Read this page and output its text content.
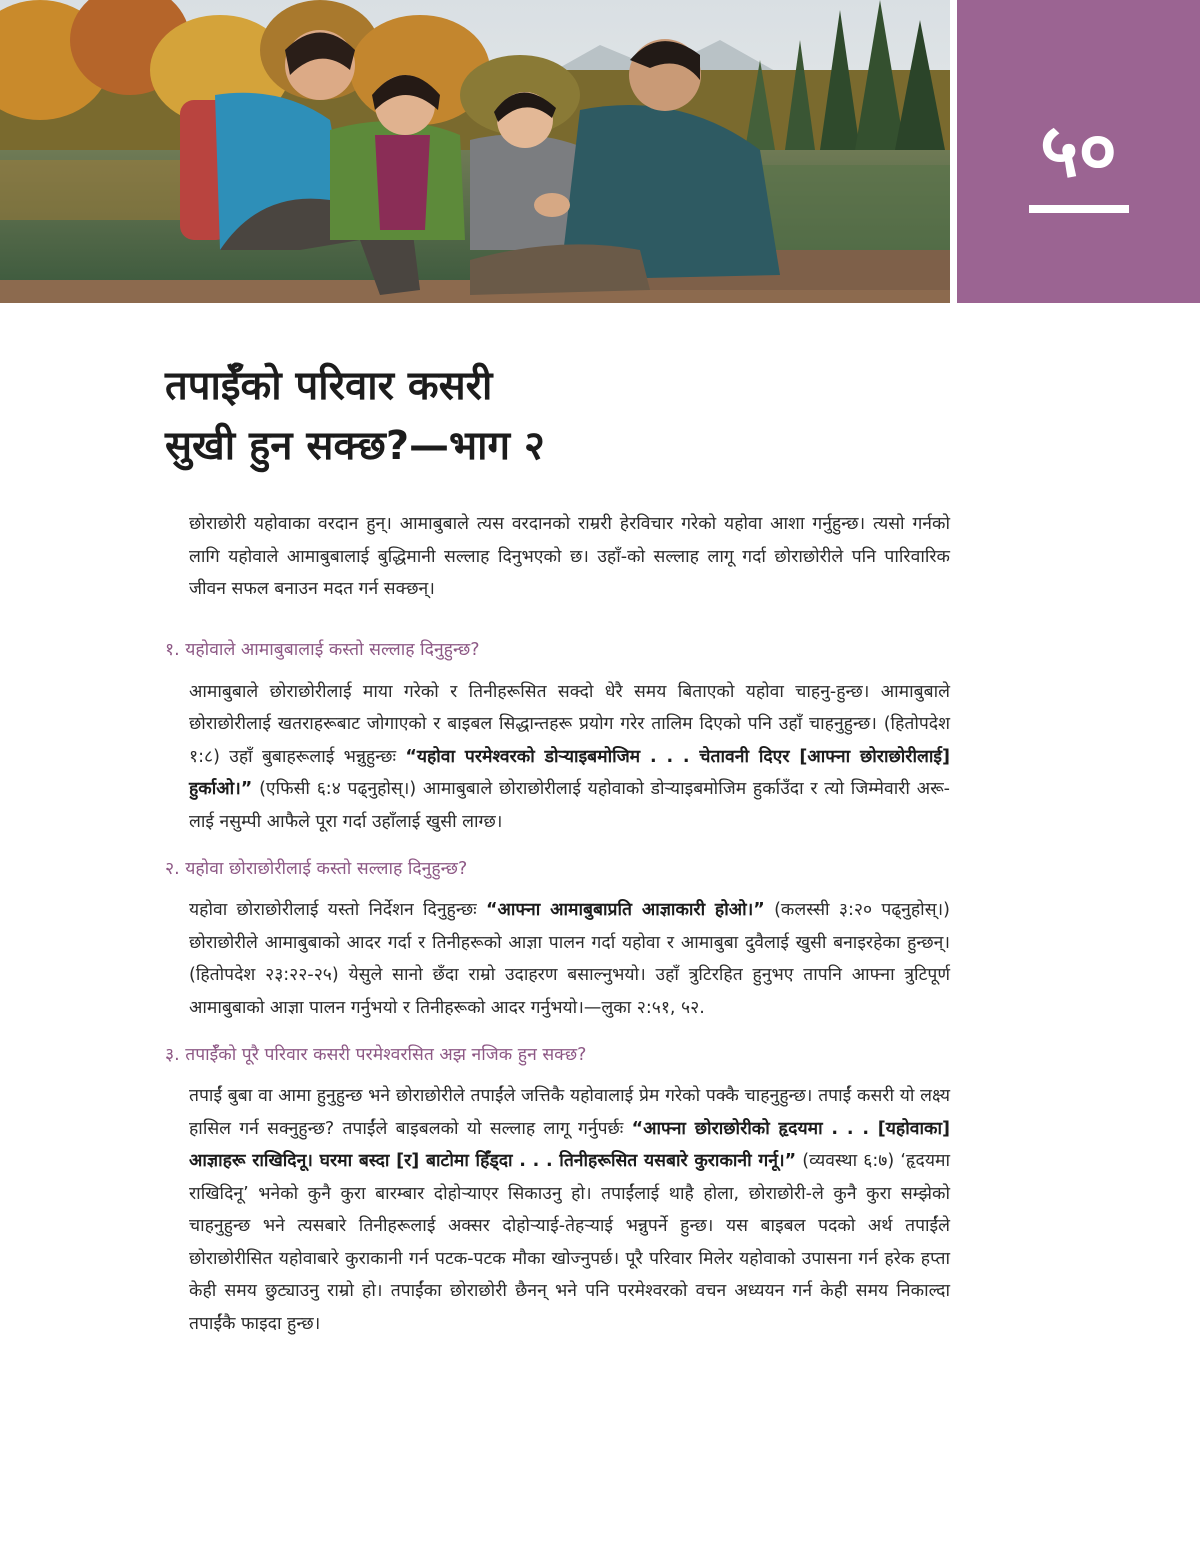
५०
तपाईँको परिवार कसरी
सुखी हुन सक्छ?—भाग २

छोराछोरी यहोवाका वरदान हुन्। आमाबुबाले त्यस वरदानको राम्ररी हेरविचार गरेको यहोवा आशा गर्नुहुन्छ। त्यसो गर्नको लागि यहोवाले आमाबुबालाई बुद्धिमानी सल्लाह दिनुभएको छ। उहाँ-को सल्लाह लागू गर्दा छोराछोरीले पनि पारिवारिक जीवन सफल बनाउन मदत गर्न सक्छन्।

१. यहोवाले आमाबुबालाई कस्तो सल्लाह दिनुहुन्छ?

आमाबुबाले छोराछोरीलाई माया गरेको र तिनीहरूसित सक्दो धेरै समय बिताएको यहोवा चाहनु-हुन्छ। आमाबुबाले छोराछोरीलाई खतराहरूबाट जोगाएको र बाइबल सिद्धान्तहरू प्रयोग गरेर तालिम दिएको पनि उहाँ चाहनुहुन्छ। (हितोपदेश १:८) उहाँ बुबाहरूलाई भन्नुहुन्छः “यहोवा परमेश्वरको डोऱ्याइबमोजिम . . . चेतावनी दिएर [आफ्ना छोराछोरीलाई] हुर्काओ।” (एफिसी ६:४ पढ्नुहोस्।) आमाबुबाले छोराछोरीलाई यहोवाको डोऱ्याइबमोजिम हुर्काउँदा र त्यो जिम्मेवारी अरू-लाई नसुम्पी आफैले पूरा गर्दा उहाँलाई खुसी लाग्छ।

२. यहोवा छोराछोरीलाई कस्तो सल्लाह दिनुहुन्छ?

यहोवा छोराछोरीलाई यस्तो निर्देशन दिनुहुन्छः “आफ्ना आमाबुबाप्रति आज्ञाकारी होओ।” (कलस्सी ३:२० पढ्नुहोस्।) छोराछोरीले आमाबुबाको आदर गर्दा र तिनीहरूको आज्ञा पालन गर्दा यहोवा र आमाबुबा दुवैलाई खुसी बनाइरहेका हुन्छन्। (हितोपदेश २३:२२-२५) येसुले सानो छँदा राम्रो उदाहरण बसाल्नुभयो। उहाँ त्रुटिरहित हुनुभए तापनि आफ्ना त्रुटिपूर्ण आमाबुबाको आज्ञा पालन गर्नुभयो र तिनीहरूको आदर गर्नुभयो।—लुका २:५१, ५२.

३. तपाईँको पूरै परिवार कसरी परमेश्वरसित अझ नजिक हुन सक्छ?

तपाईं बुबा वा आमा हुनुहुन्छ भने छोराछोरीले तपाईंले जत्तिकै यहोवालाई प्रेम गरेको पक्कै चाहनुहुन्छ। तपाईं कसरी यो लक्ष्य हासिल गर्न सक्नुहुन्छ? तपाईंले बाइबलको यो सल्लाह लागू गर्नुपर्छः “आफ्ना छोराछोरीको हृदयमा . . . [यहोवाका] आज्ञाहरू राखिदिनू। घरमा बस्दा [र] बाटोमा हिँड्दा . . . तिनीहरूसित यसबारे कुराकानी गर्नू।” (व्यवस्था ६:७) ‘हृदयमा राखिदिनू’ भनेको कुनै कुरा बारम्बार दोहोऱ्याएर सिकाउनु हो। तपाईंलाई थाहै होला, छोराछोरी-ले कुनै कुरा सम्झेको चाहनुहुन्छ भने त्यसबारे तिनीहरूलाई अक्सर दोहोऱ्याई-तेहऱ्याई भन्नुपर्ने हुन्छ। यस बाइबल पदको अर्थ तपाईंले छोराछोरीसित यहोवाबारे कुराकानी गर्न पटक-पटक मौका खोज्नुपर्छ। पूरै परिवार मिलेर यहोवाको उपासना गर्न हरेक हप्ता केही समय छुट्याउनु राम्रो हो। तपाईंका छोराछोरी छैनन् भने पनि परमेश्वरको वचन अध्ययन गर्न केही समय निकाल्दा तपाईंकै फाइदा हुन्छ।
